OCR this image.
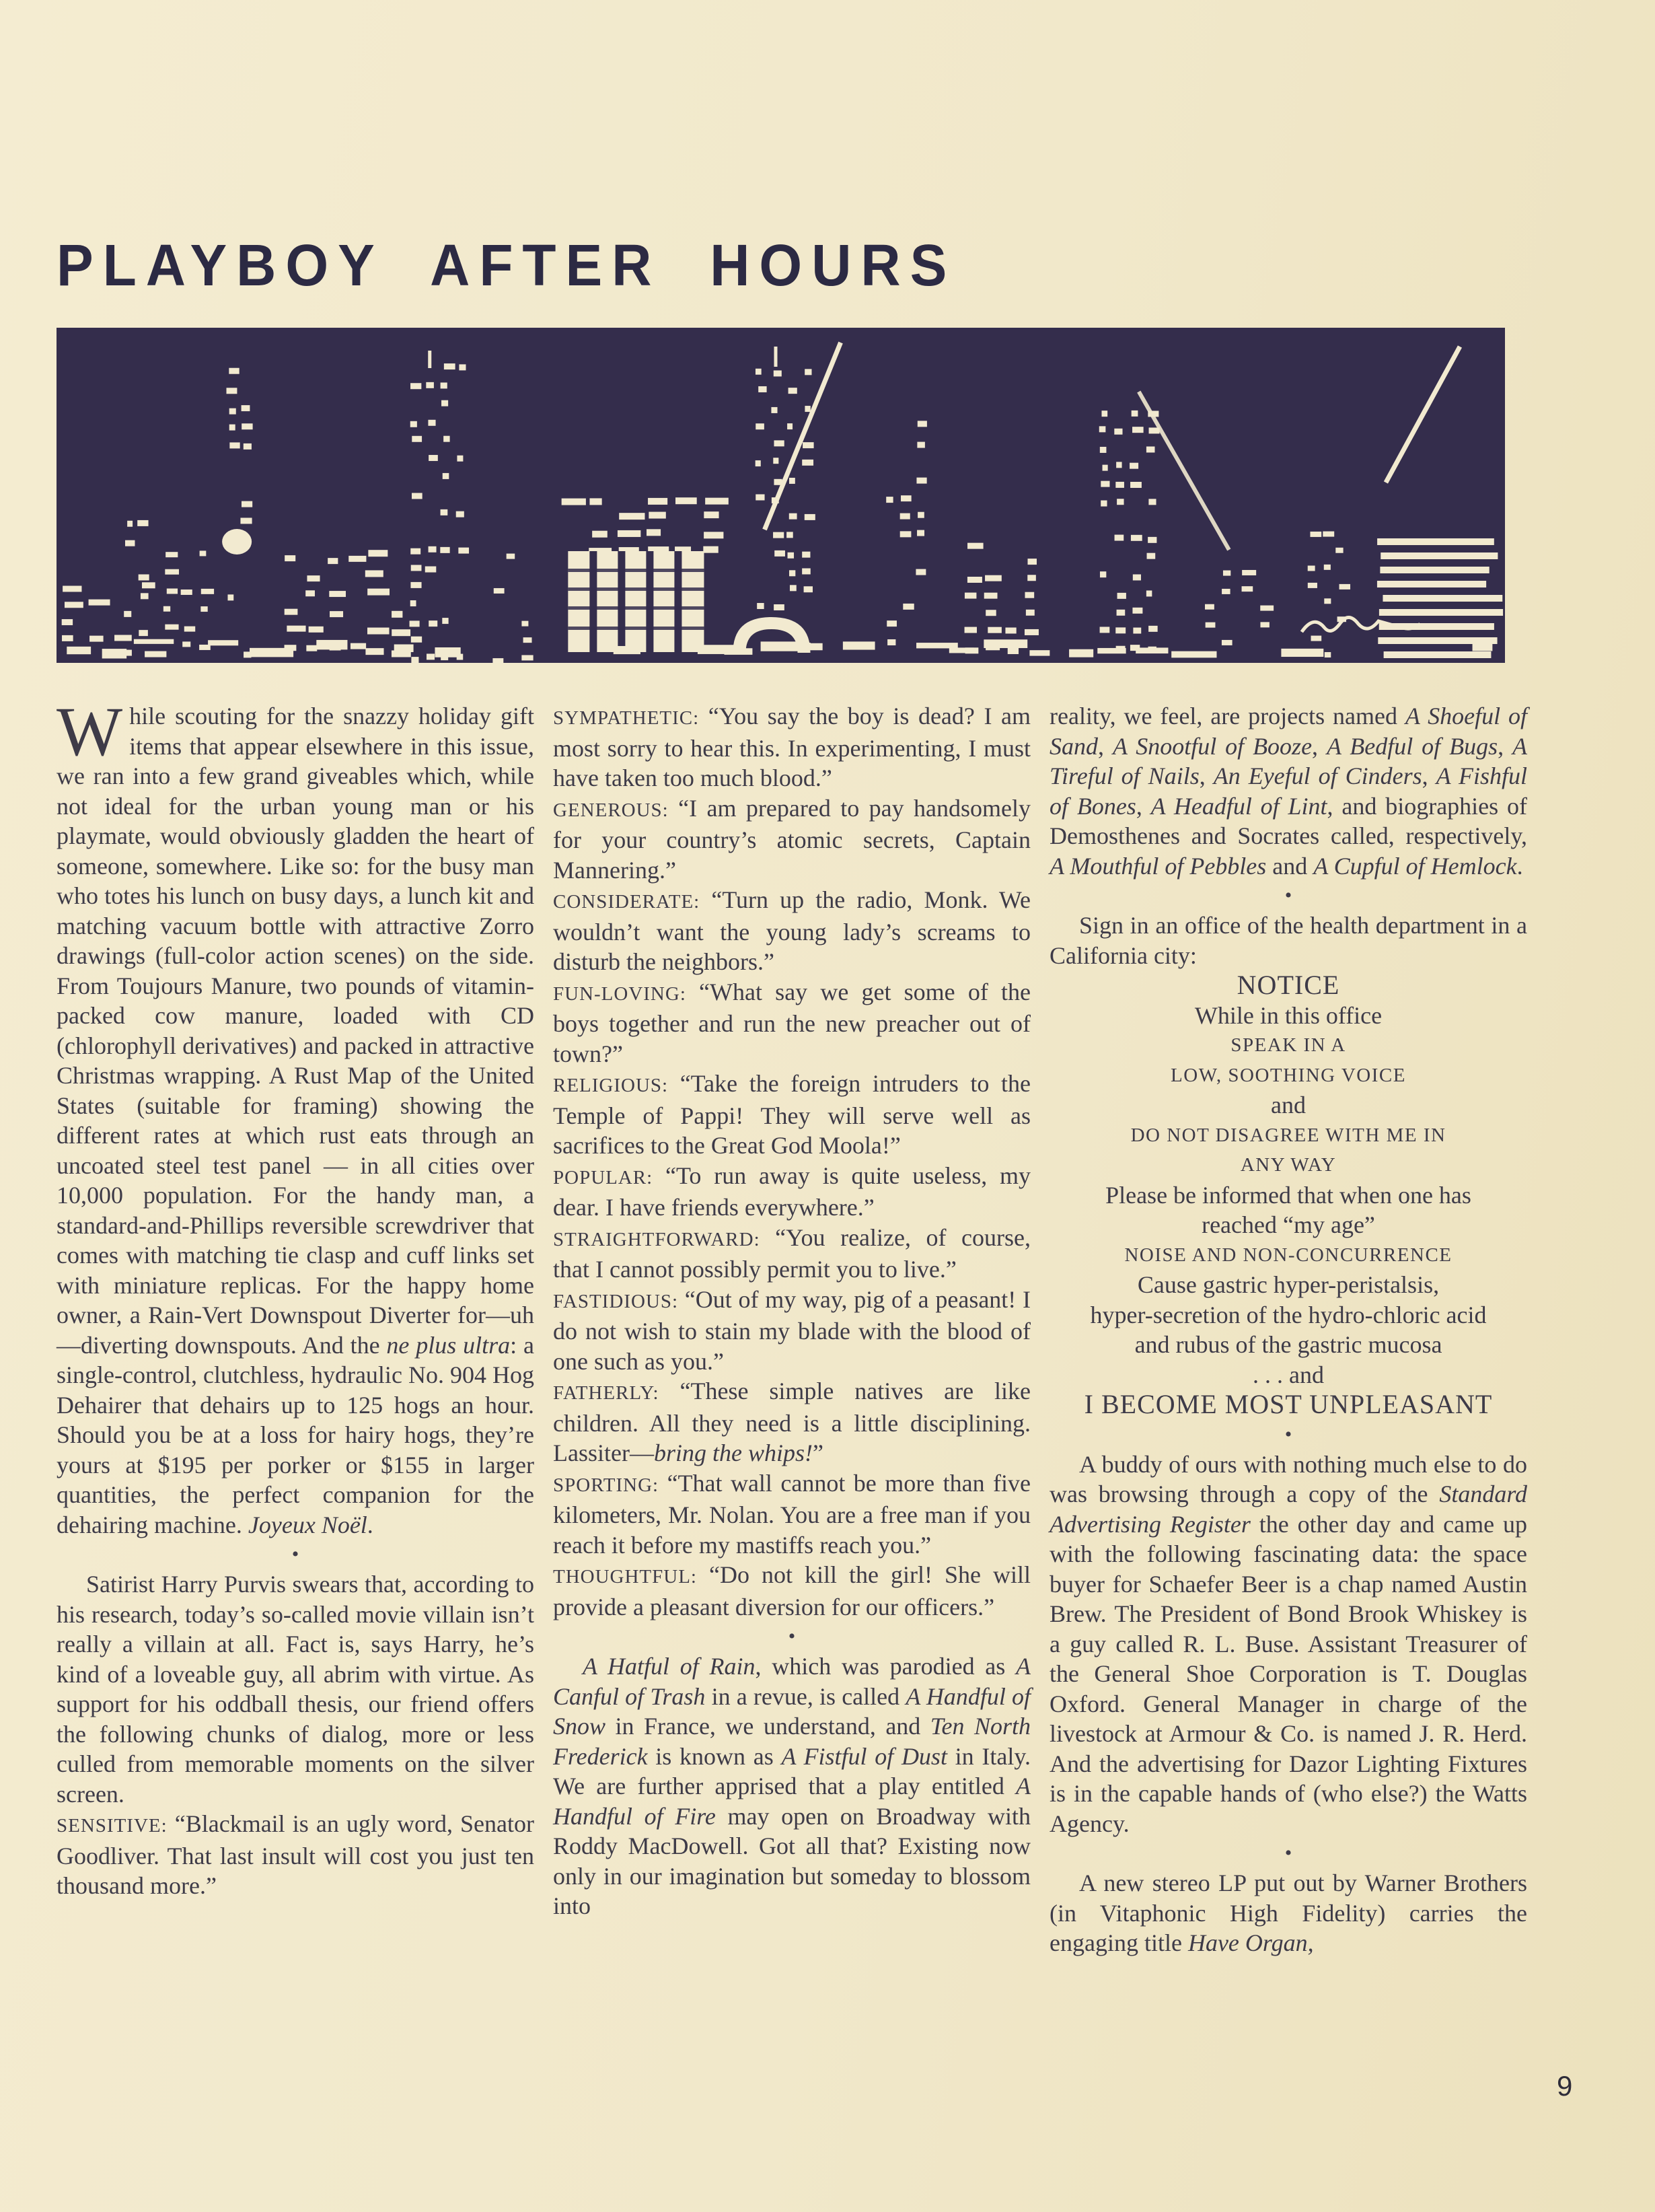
PLAYBOY AFTER HOURS

While scouting for the snazzy holiday gift items that appear elsewhere in this issue, we ran into a few grand giveables which, while not ideal for the urban young man or his playmate, would obviously gladden the heart of someone, somewhere. Like so: for the busy man who totes his lunch on busy days, a lunch kit and matching vacuum bottle with attractive Zorro drawings (full-color action scenes) on the side. From Toujours Manure, two pounds of vitamin-packed cow manure, loaded with CD (chlorophyll derivatives) and packed in attractive Christmas wrapping. A Rust Map of the United States (suitable for framing) showing the different rates at which rust eats through an uncoated steel test panel — in all cities over 10,000 population. For the handy man, a standard-and-Phillips reversible screwdriver that comes with matching tie clasp and cuff links set with miniature replicas. For the happy home owner, a Rain-Vert Downspout Diverter for—uh—diverting downspouts. And the ne plus ultra: a single-control, clutchless, hydraulic No. 904 Hog Dehairer that dehairs up to 125 hogs an hour. Should you be at a loss for hairy hogs, they’re yours at $195 per porker or $155 in larger quantities, the perfect companion for the dehairing machine. Joyeux Noël.

•

Satirist Harry Purvis swears that, according to his research, today’s so-called movie villain isn’t really a villain at all. Fact is, says Harry, he’s kind of a loveable guy, all abrim with virtue. As support for his oddball thesis, our friend offers the following chunks of dialog, more or less culled from memorable moments on the silver screen.

SENSITIVE: “Blackmail is an ugly word, Senator Goodliver. That last insult will cost you just ten thousand more.”

SYMPATHETIC: “You say the boy is dead? I am most sorry to hear this. In experimenting, I must have taken too much blood.”

GENEROUS: “I am prepared to pay handsomely for your country’s atomic secrets, Captain Mannering.”

CONSIDERATE: “Turn up the radio, Monk. We wouldn’t want the young lady’s screams to disturb the neighbors.”

FUN-LOVING: “What say we get some of the boys together and run the new preacher out of town?”

RELIGIOUS: “Take the foreign intruders to the Temple of Pappi! They will serve well as sacrifices to the Great God Moola!”

POPULAR: “To run away is quite useless, my dear. I have friends everywhere.”

STRAIGHTFORWARD: “You realize, of course, that I cannot possibly permit you to live.”

FASTIDIOUS: “Out of my way, pig of a peasant! I do not wish to stain my blade with the blood of one such as you.”

FATHERLY: “These simple natives are like children. All they need is a little disciplining. Lassiter—bring the whips!”

SPORTING: “That wall cannot be more than five kilometers, Mr. Nolan. You are a free man if you reach it before my mastiffs reach you.”

THOUGHTFUL: “Do not kill the girl! She will provide a pleasant diversion for our officers.”

•

A Hatful of Rain, which was parodied as A Canful of Trash in a revue, is called A Handful of Snow in France, we understand, and Ten North Frederick is known as A Fistful of Dust in Italy. We are further apprised that a play entitled A Handful of Fire may open on Broadway with Roddy MacDowell. Got all that? Existing now only in our imagination but someday to blossom into

reality, we feel, are projects named A Shoeful of Sand, A Snootful of Booze, A Bedful of Bugs, A Tireful of Nails, An Eyeful of Cinders, A Fishful of Bones, A Headful of Lint, and biographies of Demosthenes and Socrates called, respectively, A Mouthful of Pebbles and A Cupful of Hemlock.

•

Sign in an office of the health department in a California city:

NOTICE
While in this office
SPEAK IN A
LOW, SOOTHING VOICE
and
DO NOT DISAGREE WITH ME IN
ANY WAY
Please be informed that when one has
reached “my age”
NOISE AND NON-CONCURRENCE
Cause gastric hyper-peristalsis,
hyper-secretion of the hydro-chloric acid
and rubus of the gastric mucosa
. . . and
I BECOME MOST UNPLEASANT
•

A buddy of ours with nothing much else to do was browsing through a copy of the Standard Advertising Register the other day and came up with the following fascinating data: the space buyer for Schaefer Beer is a chap named Austin Brew. The President of Bond Brook Whiskey is a guy called R. L. Buse. Assistant Treasurer of the General Shoe Corporation is T. Douglas Oxford. General Manager in charge of the livestock at Armour & Co. is named J. R. Herd. And the advertising for Dazor Lighting Fixtures is in the capable hands of (who else?) the Watts Agency.

•

A new stereo LP put out by Warner Brothers (in Vitaphonic High Fidelity) carries the engaging title Have Organ,

9
